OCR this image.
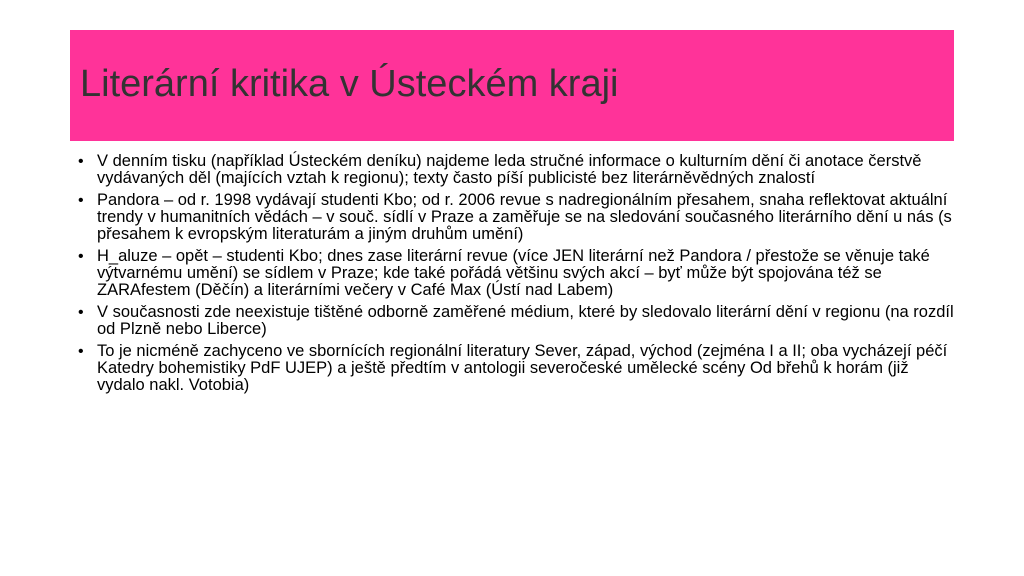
Literární kritika v Ústeckém kraji
• V denním tisku (například Ústeckém deníku) najdeme leda stručné informace o kulturním dění či anotace čerstvě vydávaných děl (majících vztah k regionu); texty často píší publicisté bez literárněvědných znalostí
• Pandora – od r. 1998 vydávají studenti Kbo; od r. 2006 revue s nadregionálním přesahem, snaha reflektovat aktuální trendy v humanitních vědách – v souč. sídlí v Praze a zaměřuje se na sledování současného literárního dění u nás (s přesahem k evropským literaturám a jiným druhům umění)
• H_aluze – opět – studenti Kbo; dnes zase literární revue (více JEN literární než Pandora / přestože se věnuje také výtvarnému umění) se sídlem v Praze; kde také pořádá většinu svých akcí – byť může být spojována též se ZARAfestem (Děčín) a literárními večery v Café Max (Ústí nad Labem)
• V současnosti zde neexistuje tištěné odborně zaměřené médium, které by sledovalo literární dění v regionu (na rozdíl od Plzně nebo Liberce)
• To je nicméně zachyceno ve sbornících regionální literatury Sever, západ, východ (zejména I a II; oba vycházejí péčí Katedry bohemistiky PdF UJEP) a ještě předtím v antologii severočeské umělecké scény Od břehů k horám (již vydalo nakl. Votobia)
